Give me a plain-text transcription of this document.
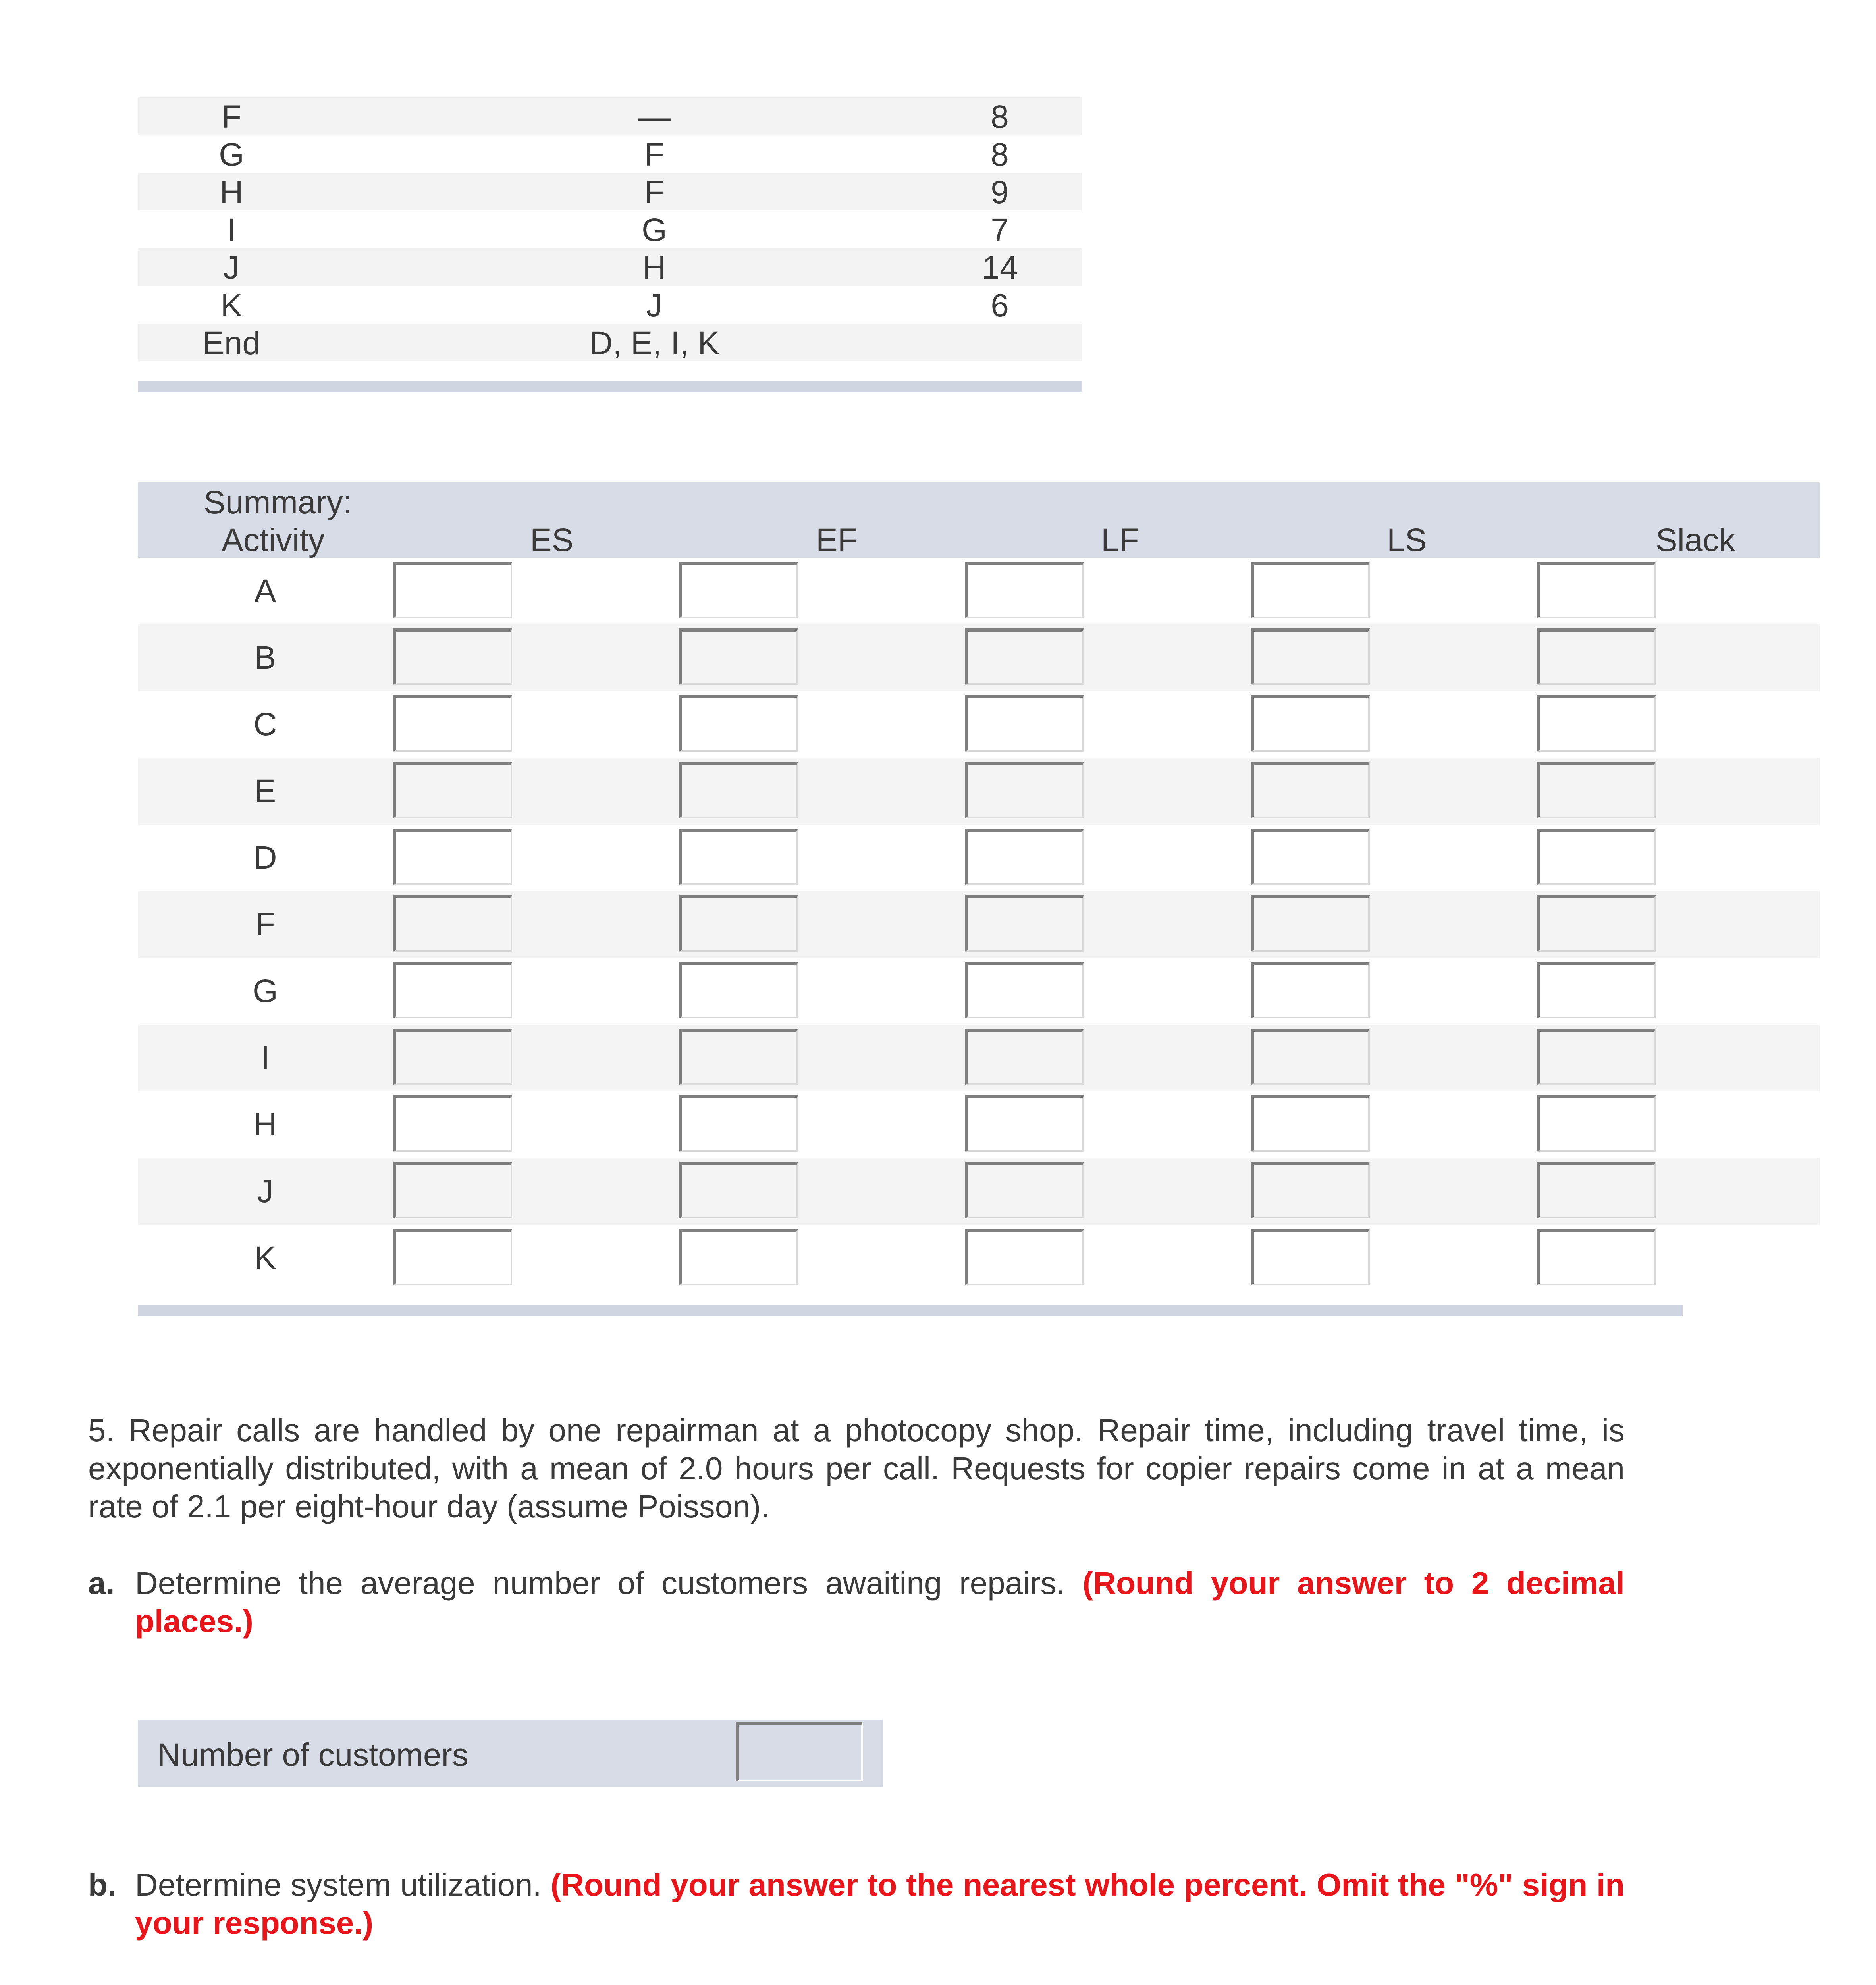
F	—	8
G	F	8
H	F	9
I	G	7
J	H	14
K	J	6
End	D, E, I, K
Summary:
Activity	ES	EF	LF	LS	Slack
A
B
C
E
D
F
G
I
H
J
K
5. Repair calls are handled by one repairman at a photocopy shop. Repair time, including travel time, is exponentially distributed, with a mean of 2.0 hours per call. Requests for copier repairs come in at a mean rate of 2.1 per eight-hour day (assume Poisson).
a. Determine the average number of customers awaiting repairs. (Round your answer to 2 decimal places.)
Number of customers
b. Determine system utilization. (Round your answer to the nearest whole percent. Omit the "%" sign in your response.)
